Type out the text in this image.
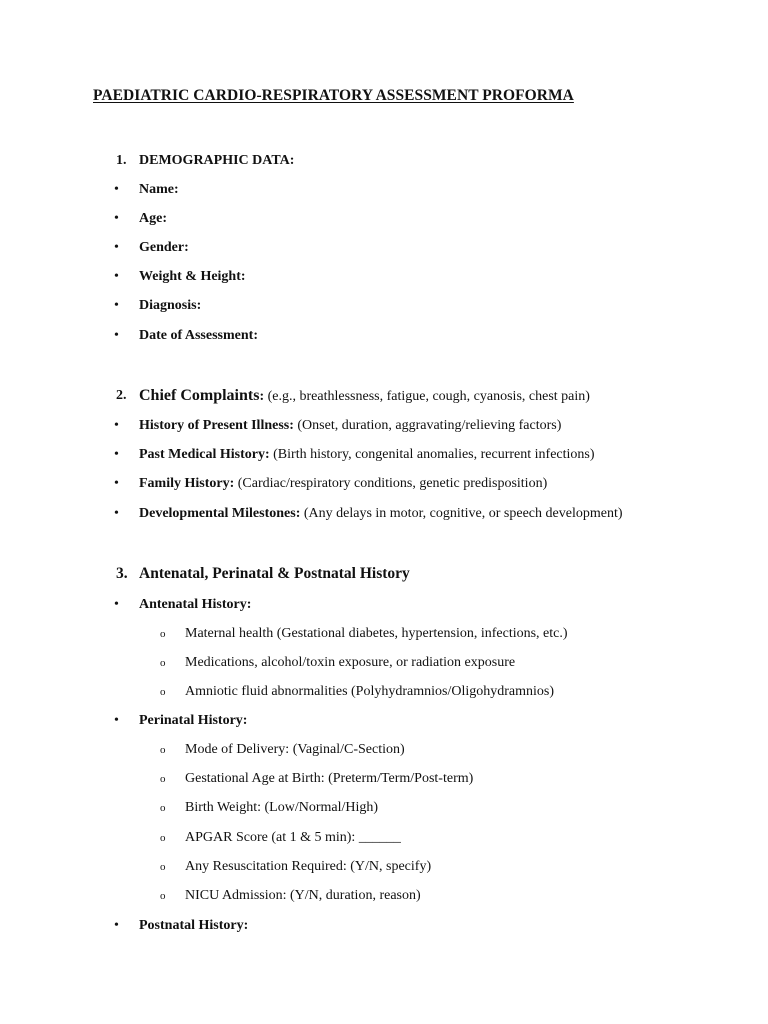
PAEDIATRIC CARDIO-RESPIRATORY ASSESSMENT PROFORMA
1. DEMOGRAPHIC DATA:
• Name:
• Age:
• Gender:
• Weight & Height:
• Diagnosis:
• Date of Assessment:
2. Chief Complaints: (e.g., breathlessness, fatigue, cough, cyanosis, chest pain)
• History of Present Illness: (Onset, duration, aggravating/relieving factors)
• Past Medical History: (Birth history, congenital anomalies, recurrent infections)
• Family History: (Cardiac/respiratory conditions, genetic predisposition)
• Developmental Milestones: (Any delays in motor, cognitive, or speech development)
3. Antenatal, Perinatal & Postnatal History
• Antenatal History:
o Maternal health (Gestational diabetes, hypertension, infections, etc.)
o Medications, alcohol/toxin exposure, or radiation exposure
o Amniotic fluid abnormalities (Polyhydramnios/Oligohydramnios)
• Perinatal History:
o Mode of Delivery: (Vaginal/C-Section)
o Gestational Age at Birth: (Preterm/Term/Post-term)
o Birth Weight: (Low/Normal/High)
o APGAR Score (at 1 & 5 min): ______
o Any Resuscitation Required: (Y/N, specify)
o NICU Admission: (Y/N, duration, reason)
• Postnatal History:
